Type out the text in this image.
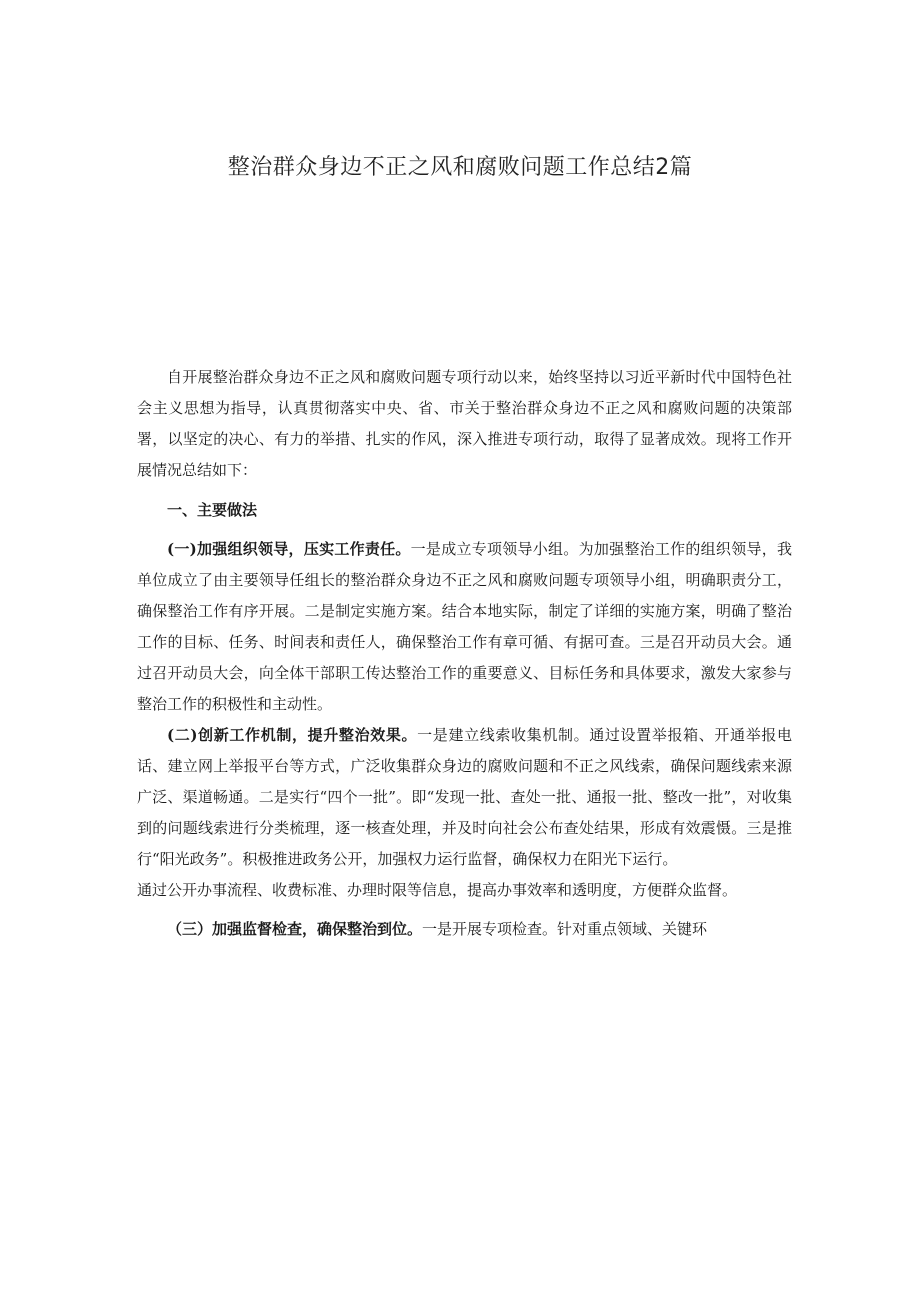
整治群众身边不正之风和腐败问题工作总结2篇

自开展整治群众身边不正之风和腐败问题专项行动以来，始终坚持以习近平新时代中国特色社会主义思想为指导，认真贯彻落实中央、省、市关于整治群众身边不正之风和腐败问题的决策部署，以坚定的决心、有力的举措、扎实的作风，深入推进专项行动，取得了显著成效。现将工作开展情况总结如下：

一、主要做法

(一)加强组织领导，压实工作责任。一是成立专项领导小组。为加强整治工作的组织领导，我单位成立了由主要领导任组长的整治群众身边不正之风和腐败问题专项领导小组，明确职责分工，确保整治工作有序开展。二是制定实施方案。结合本地实际，制定了详细的实施方案，明确了整治工作的目标、任务、时间表和责任人，确保整治工作有章可循、有据可查。三是召开动员大会。通过召开动员大会，向全体干部职工传达整治工作的重要意义、目标任务和具体要求，激发大家参与整治工作的积极性和主动性。

(二)创新工作机制，提升整治效果。一是建立线索收集机制。通过设置举报箱、开通举报电话、建立网上举报平台等方式，广泛收集群众身边的腐败问题和不正之风线索，确保问题线索来源广泛、渠道畅通。二是实行“四个一批”。即“发现一批、查处一批、通报一批、整改一批”，对收集到的问题线索进行分类梳理，逐一核查处理，并及时向社会公布查处结果，形成有效震慑。三是推行“阳光政务”。积极推进政务公开，加强权力运行监督，确保权力在阳光下运行。

通过公开办事流程、收费标准、办理时限等信息，提高办事效率和透明度，方便群众监督。

（三）加强监督检查，确保整治到位。一是开展专项检查。针对重点领域、关键环
